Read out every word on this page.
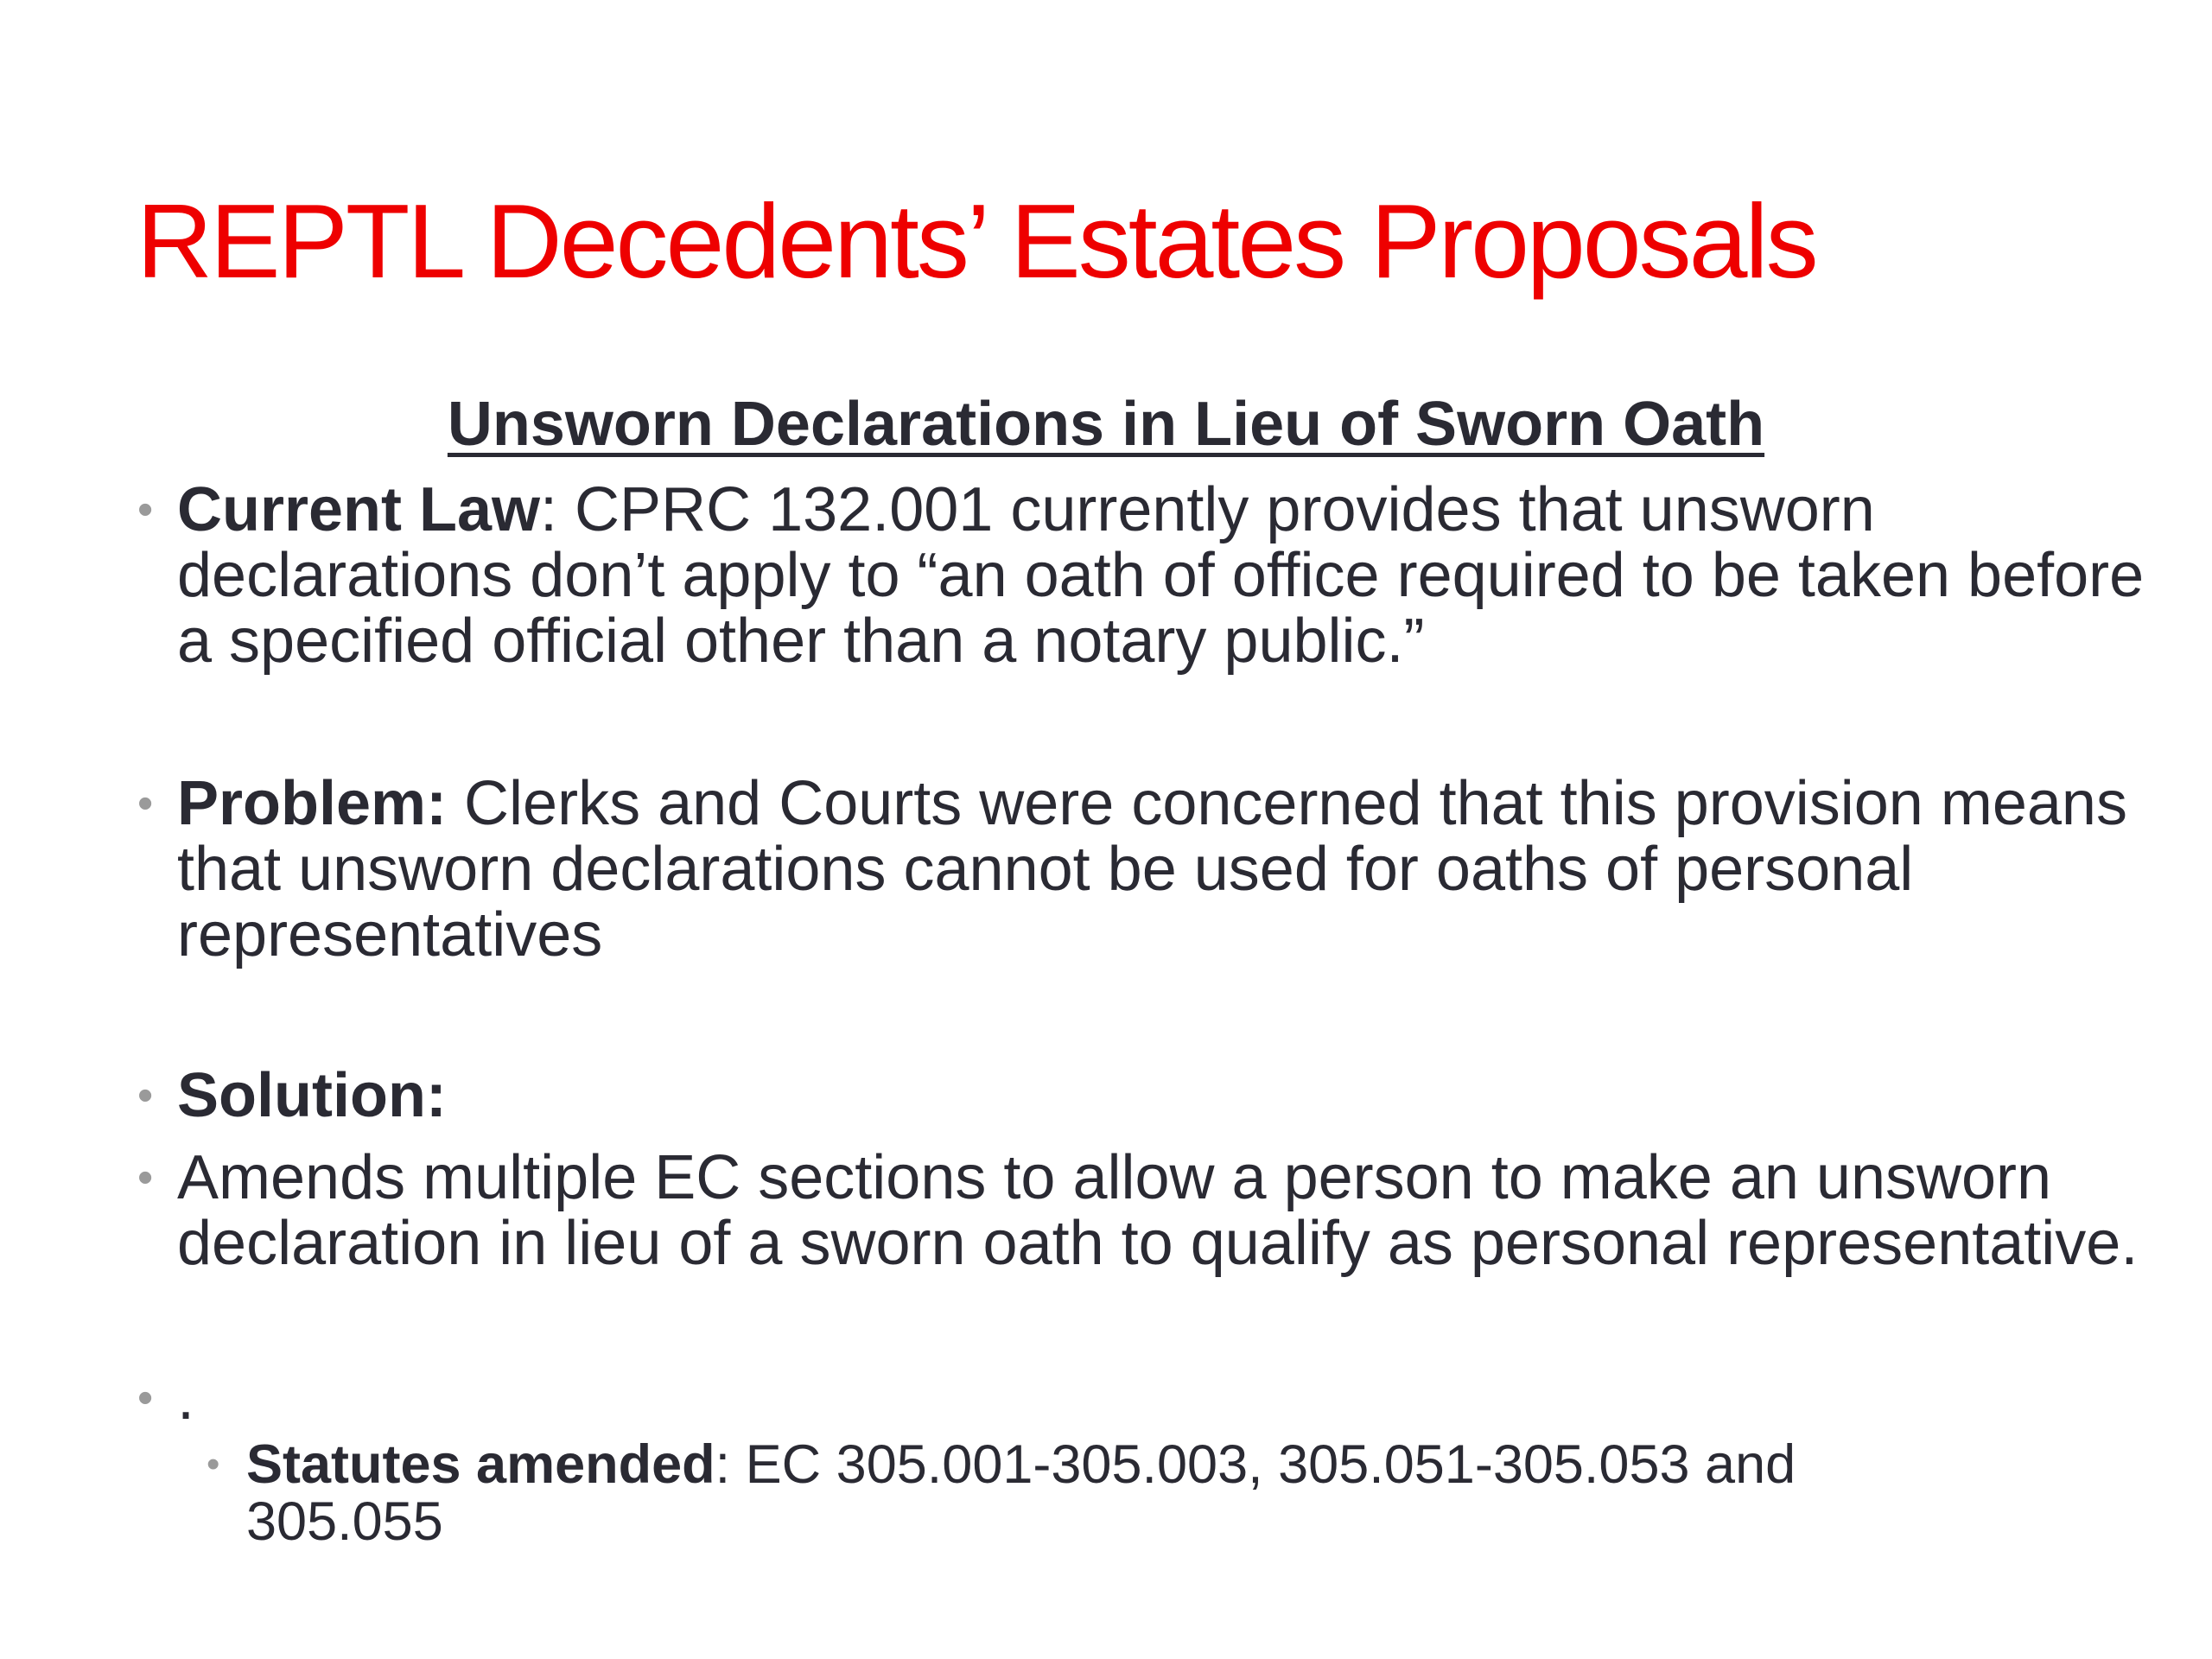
REPTL Decedents’ Estates Proposals
Unsworn Declarations in Lieu of Sworn Oath
• Current Law: CPRC 132.001 currently provides that unsworn declarations don’t apply to “an oath of office required to be taken before a specified official other than a notary public.”
• Problem: Clerks and Courts were concerned that this provision means that unsworn declarations cannot be used for oaths of personal representatives
• Solution:
• Amends multiple EC sections to allow a person to make an unsworn declaration in lieu of a sworn oath to qualify as personal representative.
• .
• Statutes amended: EC 305.001-305.003, 305.051-305.053 and 305.055
